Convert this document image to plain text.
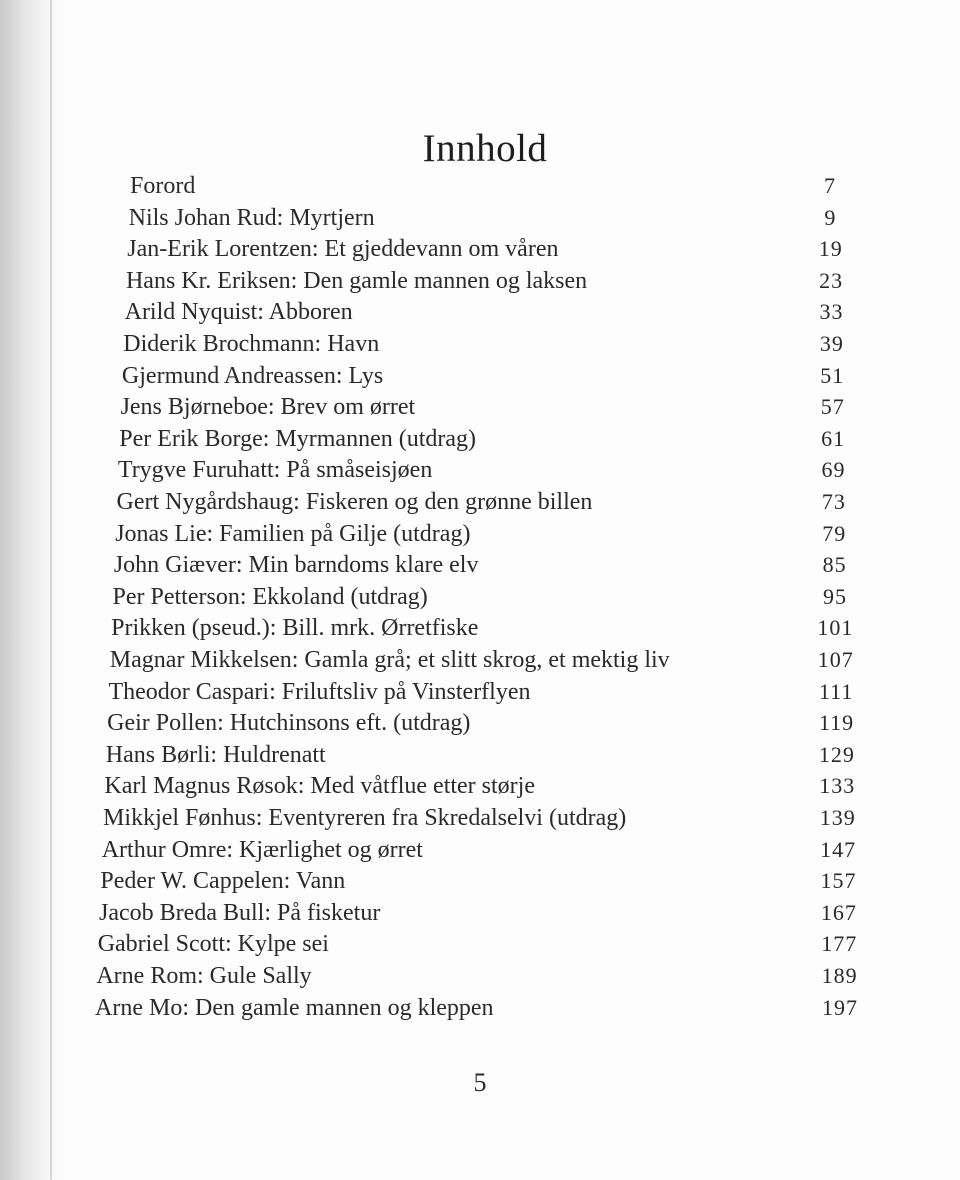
Innhold
Forord	7
Nils Johan Rud: Myrtjern	9
Jan-Erik Lorentzen: Et gjeddevann om våren	19
Hans Kr. Eriksen: Den gamle mannen og laksen	23
Arild Nyquist: Abboren	33
Diderik Brochmann: Havn	39
Gjermund Andreassen: Lys	51
Jens Bjørneboe: Brev om ørret	57
Per Erik Borge: Myrmannen (utdrag)	61
Trygve Furuhatt: På småseisjøen	69
Gert Nygårdshaug: Fiskeren og den grønne billen	73
Jonas Lie: Familien på Gilje (utdrag)	79
John Giæver: Min barndoms klare elv	85
Per Petterson: Ekkoland (utdrag)	95
Prikken (pseud.): Bill. mrk. Ørretfiske	101
Magnar Mikkelsen: Gamla grå; et slitt skrog, et mektig liv	107
Theodor Caspari: Friluftsliv på Vinsterflyen	111
Geir Pollen: Hutchinsons eft. (utdrag)	119
Hans Børli: Huldrenatt	129
Karl Magnus Røsok: Med våtflue etter størje	133
Mikkjel Fønhus: Eventyreren fra Skredalselvi (utdrag)	139
Arthur Omre: Kjærlighet og ørret	147
Peder W. Cappelen: Vann	157
Jacob Breda Bull: På fisketur	167
Gabriel Scott: Kylpe sei	177
Arne Rom: Gule Sally	189
Arne Mo: Den gamle mannen og kleppen	197
5
